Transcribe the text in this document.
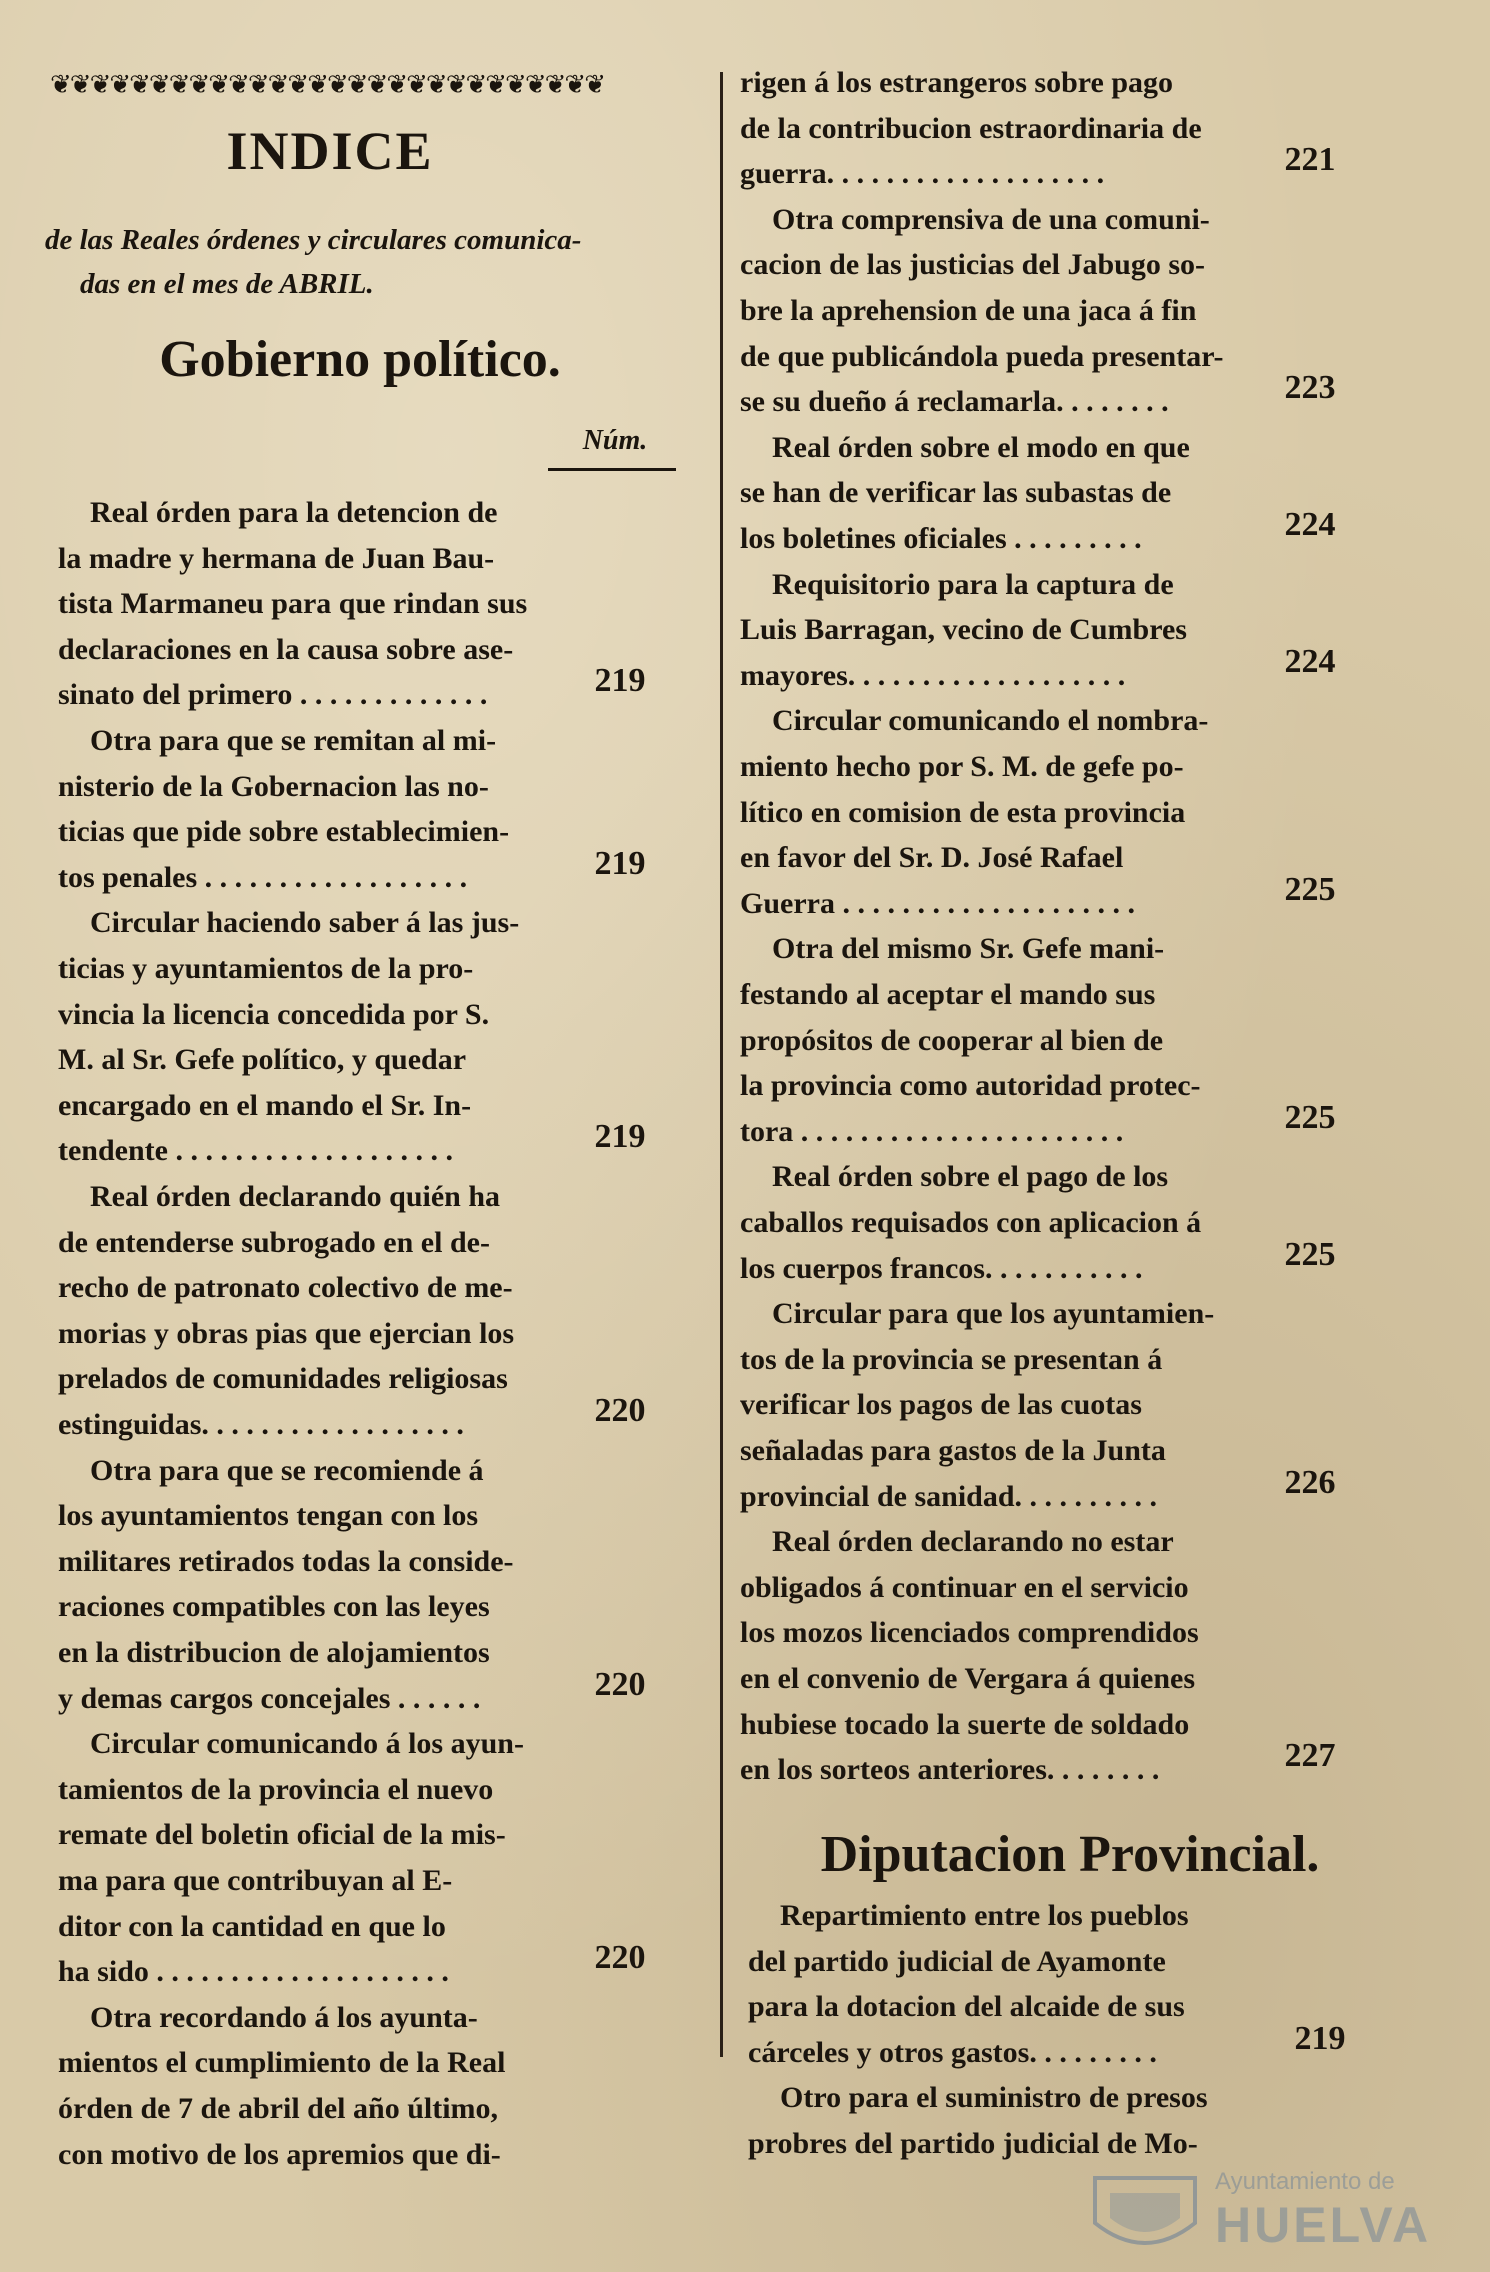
❦❦❦❦❦❦❦❦❦❦❦❦❦❦❦❦❦❦❦❦❦❦❦❦❦❦❦❦
INDICE
de las Reales órdenes y circulares comunica-
das en el mes de ABRIL.
Gobierno político.
Núm.
Real órden para la detencion de
la madre y hermana de Juan Bau-
tista Marmaneu para que rindan sus
declaraciones en la causa sobre ase-
sinato del primero . . . . . . . . . . . . .	219
Otra para que se remitan al mi-
nisterio de la Gobernacion las no-
ticias que pide sobre establecimien-
tos penales . . . . . . . . . . . . . . . . . .	219
Circular haciendo saber á las jus-
ticias y ayuntamientos de la pro-
vincia la licencia concedida por S.
M. al Sr. Gefe político, y quedar
encargado en el mando el Sr. In-
tendente . . . . . . . . . . . . . . . . . . .	219
Real órden declarando quién ha
de entenderse subrogado en el de-
recho de patronato colectivo de me-
morias y obras pias que ejercian los
prelados de comunidades religiosas
estinguidas. . . . . . . . . . . . . . . . . .	220
Otra para que se recomiende á
los ayuntamientos tengan con los
militares retirados todas la conside-
raciones compatibles con las leyes
en la distribucion de alojamientos
y demas cargos concejales . . . . . .	220
Circular comunicando á los ayun-
tamientos de la provincia el nuevo
remate del boletin oficial de la mis-
ma para que contribuyan al E-
ditor con la cantidad en que lo
ha sido . . . . . . . . . . . . . . . . . . . .	220
Otra recordando á los ayunta-
mientos el cumplimiento de la Real
órden de 7 de abril del año último,
con motivo de los apremios que di-
rigen á los estrangeros sobre pago
de la contribucion estraordinaria de
guerra. . . . . . . . . . . . . . . . . . .	221
Otra comprensiva de una comuni-
cacion de las justicias del Jabugo so-
bre la aprehension de una jaca á fin
de que publicándola pueda presentar-
se su dueño á reclamarla. . . . . . . .	223
Real órden sobre el modo en que
se han de verificar las subastas de
los boletines oficiales . . . . . . . . .	224
Requisitorio para la captura de
Luis Barragan, vecino de Cumbres
mayores. . . . . . . . . . . . . . . . . . .	224
Circular comunicando el nombra-
miento hecho por S. M. de gefe po-
lítico en comision de esta provincia
en favor del Sr. D. José Rafael
Guerra . . . . . . . . . . . . . . . . . . . .	225
Otra del mismo Sr. Gefe mani-
festando al aceptar el mando sus
propósitos de cooperar al bien de
la provincia como autoridad protec-
tora . . . . . . . . . . . . . . . . . . . . . .	225
Real órden sobre el pago de los
caballos requisados con aplicacion á
los cuerpos francos. . . . . . . . . . .	225
Circular para que los ayuntamien-
tos de la provincia se presentan á
verificar los pagos de las cuotas
señaladas para gastos de la Junta
provincial de sanidad. . . . . . . . . .	226
Real órden declarando no estar
obligados á continuar en el servicio
los mozos licenciados comprendidos
en el convenio de Vergara á quienes
hubiese tocado la suerte de soldado
en los sorteos anteriores. . . . . . . .	227
Diputacion Provincial.
Repartimiento entre los pueblos
del partido judicial de Ayamonte
para la dotacion del alcaide de sus
cárceles y otros gastos. . . . . . . . .	219
Otro para el suministro de presos
probres del partido judicial de Mo-
Ayuntamiento de
HUELVA
